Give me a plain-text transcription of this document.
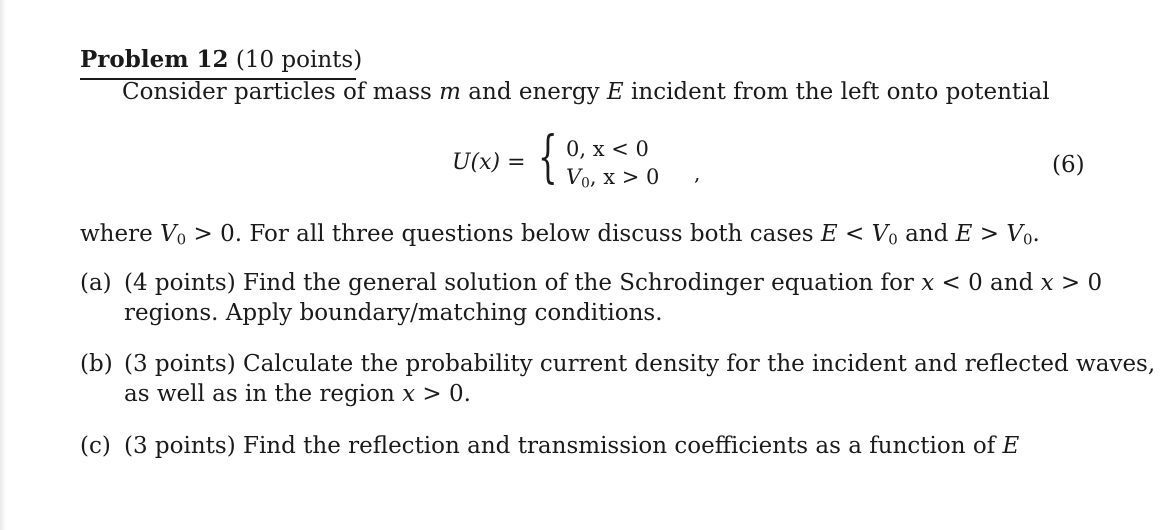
Problem 12 (10 points)
Consider particles of mass m and energy E incident from the left onto potential
U(x) = { 0, x < 0
$V_0$, x > 0 ,	(6)
where $V_0 > 0$. For all three questions below discuss both cases $E < V_0$ and $E > V_0$.
(a) (4 points) Find the general solution of the Schrodinger equation for x < 0 and x > 0
regions. Apply boundary/matching conditions.
(b) (3 points) Calculate the probability current density for the incident and reflected waves,
as well as in the region x > 0.
(c) (3 points) Find the reflection and transmission coefficients as a function of E
